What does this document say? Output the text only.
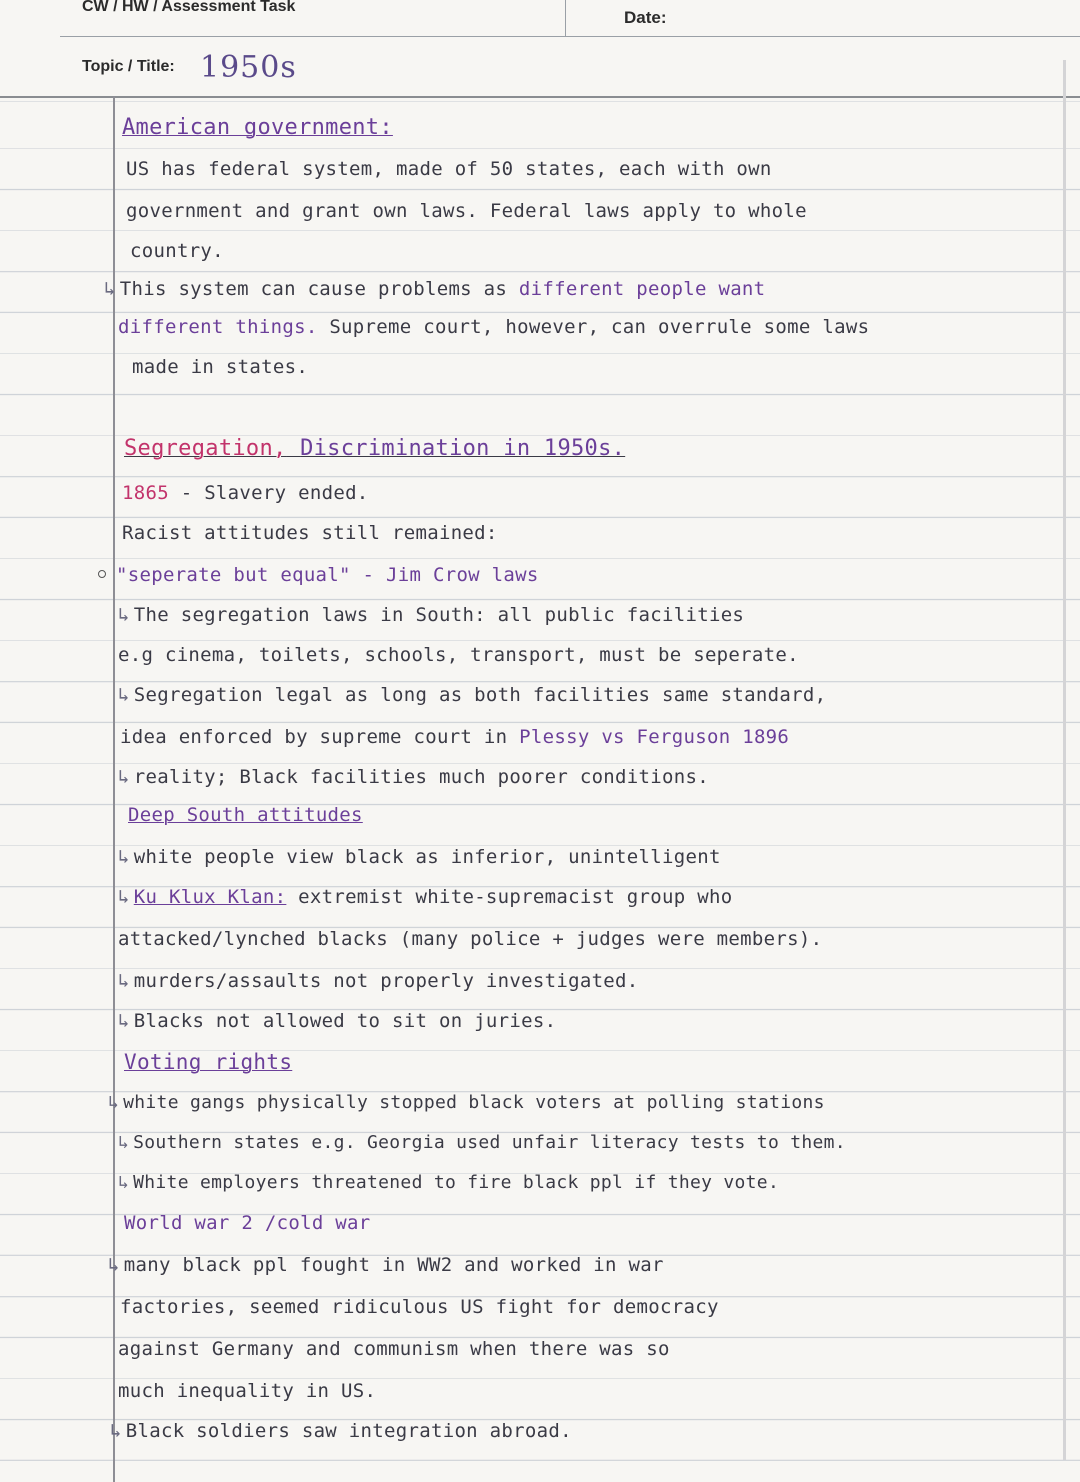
CW / HW / Assessment Task
Date:
Topic / Title: 1950s
American government:
US has federal system, made of 50 states, each with own
government and grant own laws. Federal laws apply to whole
country.
↳ This system can cause problems as different people want
different things. Supreme court, however, can overrule some laws
made in states.
Segregation, Discrimination in 1950s.
1865 - Slavery ended.
Racist attitudes still remained:
"seperate but equal" - Jim Crow laws
↳ The segregation laws in South: all public facilities
e.g cinema, toilets, schools, transport, must be seperate.
↳ Segregation legal as long as both facilities same standard,
idea enforced by supreme court in Plessy vs Ferguson 1896
↳ reality; Black facilities much poorer conditions.
Deep South attitudes
↳ white people view black as inferior, unintelligent
↳ Ku Klux Klan: extremist white-supremacist group who
attacked/lynched blacks (many police + judges were members).
↳ murders/assaults not properly investigated.
↳ Blacks not allowed to sit on juries.
Voting rights
↳ white gangs physically stopped black voters at polling stations
↳ Southern states e.g. Georgia used unfair literacy tests to them.
↳ White employers threatened to fire black ppl if they vote.
World war 2 /cold war
↳ many black ppl fought in WW2 and worked in war
factories, seemed ridiculous US fight for democracy
against Germany and communism when there was so
much inequality in US.
↳ Black soldiers saw integration abroad.
